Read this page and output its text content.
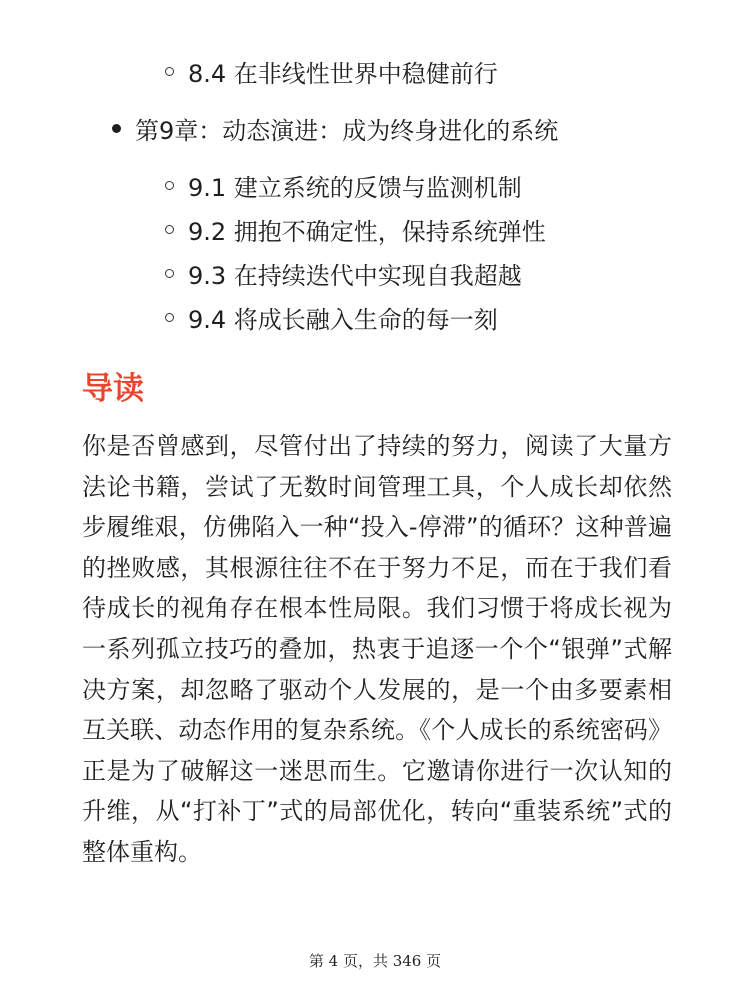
8.4 在非线性世界中稳健前行
第9章：动态演进：成为终身进化的系统
9.1 建立系统的反馈与监测机制
9.2 拥抱不确定性，保持系统弹性
9.3 在持续迭代中实现自我超越
9.4 将成长融入生命的每一刻
导读

你是否曾感到，尽管付出了持续的努力，阅读了大量方法论书籍，尝试了无数时间管理工具，个人成长却依然步履维艰，仿佛陷入一种“投入-停滞”的循环？这种普遍的挫败感，其根源往往不在于努力不足，而在于我们看待成长的视角存在根本性局限。我们习惯于将成长视为一系列孤立技巧的叠加，热衷于追逐一个个“银弹”式解决方案，却忽略了驱动个人发展的，是一个由多要素相互关联、动态作用的复杂系统。《个人成长的系统密码》正是为了破解这一迷思而生。它邀请你进行一次认知的升维，从“打补丁”式的局部优化，转向“重装系统”式的整体重构。

第 4 页，共 346 页
